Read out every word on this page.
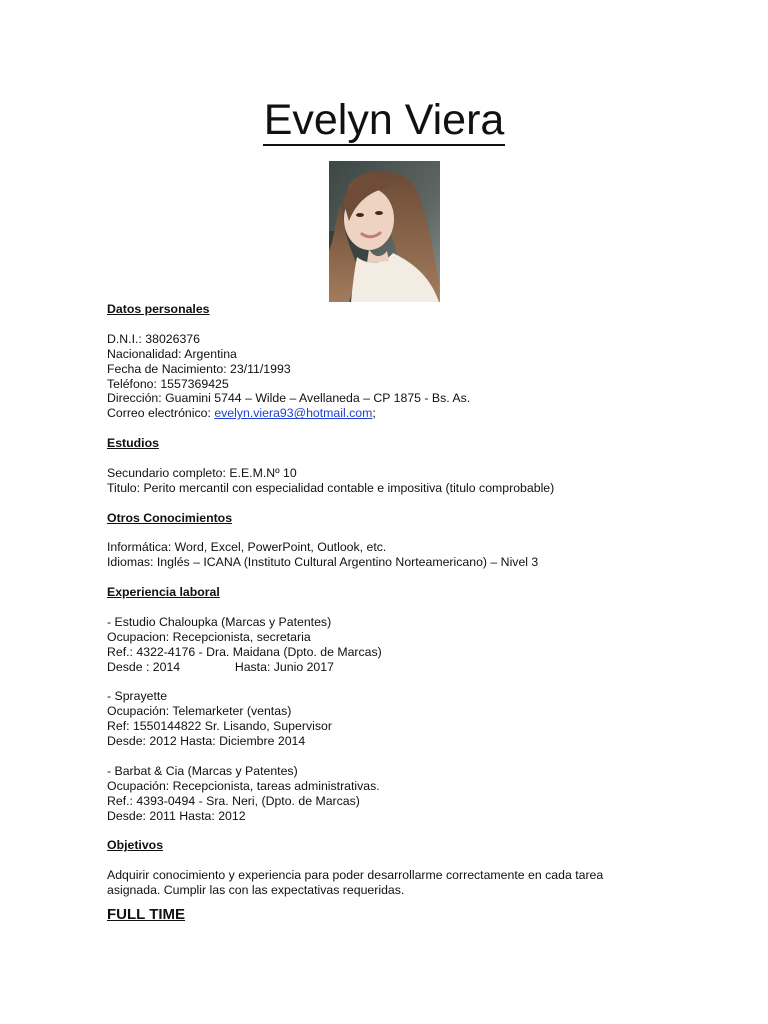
Evelyn Viera

Datos personales

D.N.I.: 38026376
Nacionalidad: Argentina
Fecha de Nacimiento: 23/11/1993
Teléfono: 1557369425
Dirección: Guamini 5744 – Wilde – Avellaneda – CP 1875 - Bs. As.
Correo electrónico: evelyn.viera93@hotmail.com;

Estudios

Secundario completo: E.E.M.Nº 10
Titulo: Perito mercantil con especialidad contable e impositiva (titulo comprobable)

Otros Conocimientos

Informática: Word, Excel, PowerPoint, Outlook, etc.
Idiomas: Inglés – ICANA (Instituto Cultural Argentino Norteamericano) – Nivel 3

Experiencia laboral

- Estudio Chaloupka (Marcas y Patentes)
Ocupacion: Recepcionista, secretaria
Ref.: 4322-4176 - Dra. Maidana (Dpto. de Marcas)
Desde : 2014                Hasta: Junio 2017
- Sprayette
Ocupación: Telemarketer (ventas)
Ref: 1550144822 Sr. Lisando, Supervisor
Desde: 2012 Hasta: Diciembre 2014
- Barbat & Cia (Marcas y Patentes)
Ocupación: Recepcionista, tareas administrativas.
Ref.: 4393-0494 - Sra. Neri, (Dpto. de Marcas)
Desde: 2011 Hasta: 2012

Objetivos

Adquirir conocimiento y experiencia para poder desarrollarme correctamente en cada tarea
asignada. Cumplir las con las expectativas requeridas.
FULL TIME
